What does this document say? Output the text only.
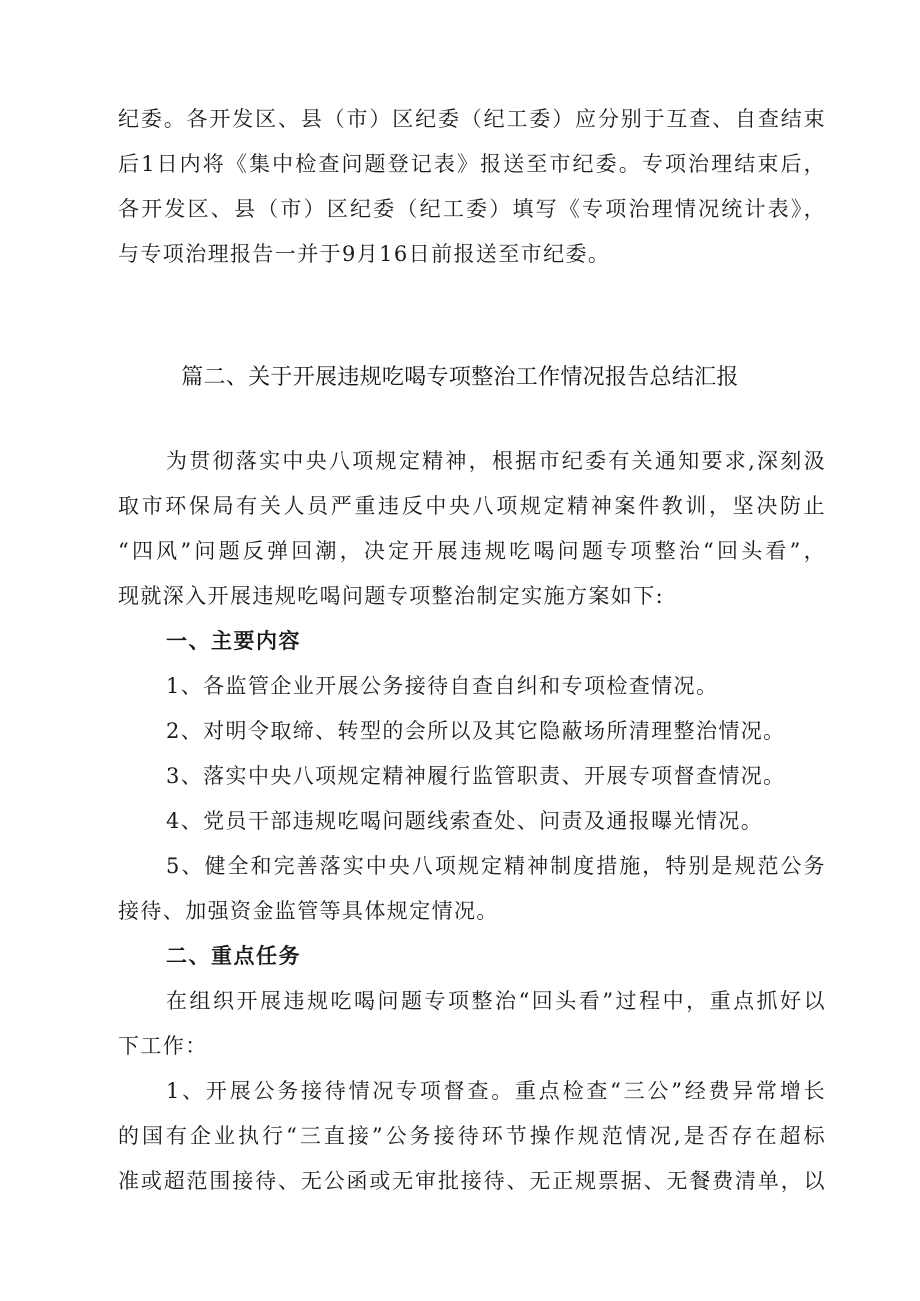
纪委。各开发区、县（市）区纪委（纪工委）应分别于互查、自查结束
后1日内将《集中检查问题登记表》报送至市纪委。专项治理结束后，
各开发区、县（市）区纪委（纪工委）填写《专项治理情况统计表》，
与专项治理报告一并于9月16日前报送至市纪委。
篇二、关于开展违规吃喝专项整治工作情况报告总结汇报
为贯彻落实中央八项规定精神，根据市纪委有关通知要求,深刻汲
取市环保局有关人员严重违反中央八项规定精神案件教训，坚决防止
“四风”问题反弹回潮，决定开展违规吃喝问题专项整治“回头看”，
现就深入开展违规吃喝问题专项整治制定实施方案如下:
一、主要内容
1、各监管企业开展公务接待自查自纠和专项检查情况。
2、对明令取缔、转型的会所以及其它隐蔽场所清理整治情况。
3、落实中央八项规定精神履行监管职责、开展专项督查情况。
4、党员干部违规吃喝问题线索查处、问责及通报曝光情况。
5、健全和完善落实中央八项规定精神制度措施，特别是规范公务
接待、加强资金监管等具体规定情况。
二、重点任务
在组织开展违规吃喝问题专项整治“回头看”过程中，重点抓好以
下工作：
1、开展公务接待情况专项督查。重点检查“三公”经费异常增长
的国有企业执行“三直接”公务接待环节操作规范情况,是否存在超标
准或超范围接待、无公函或无审批接待、无正规票据、无餐费清单，以
